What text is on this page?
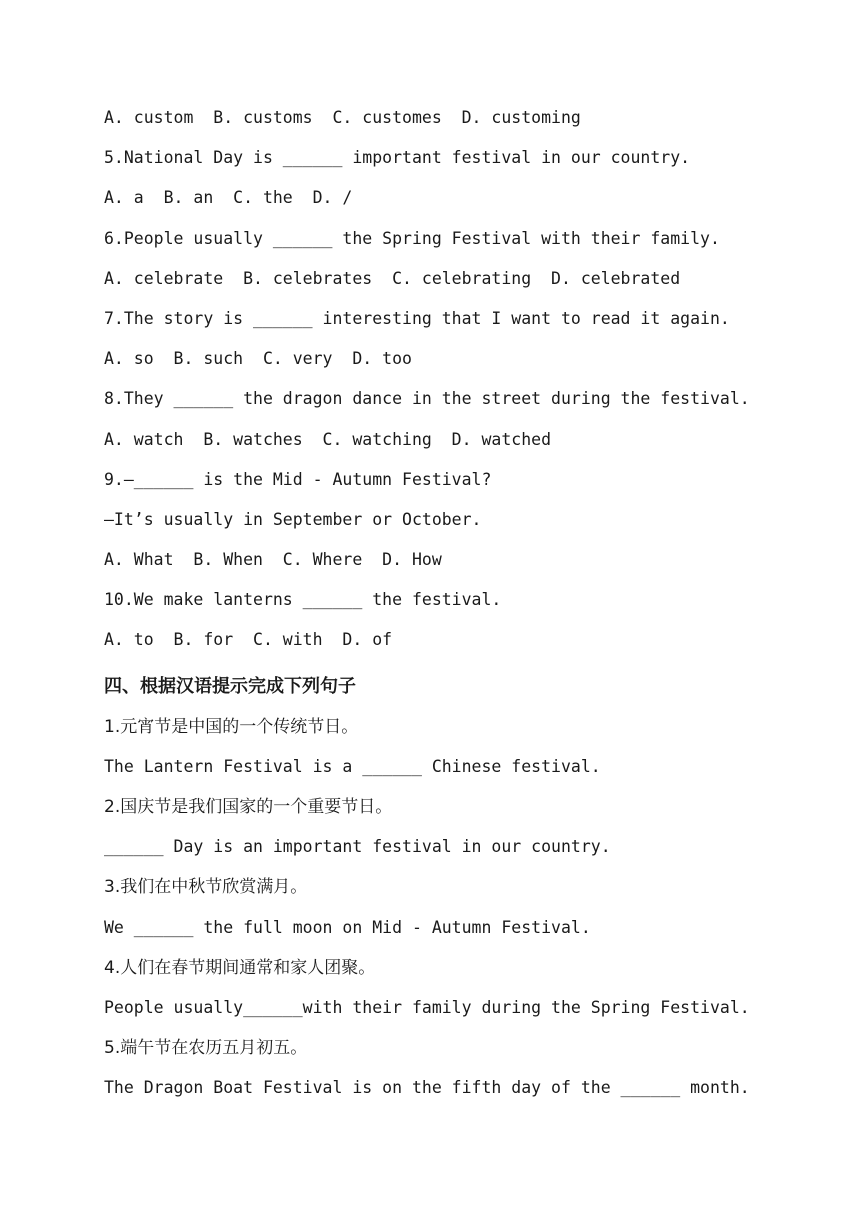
A. custom  B. customs  C. customes  D. customing
5.National Day is ______ important festival in our country.
A. a  B. an  C. the  D. /
6.People usually ______ the Spring Festival with their family.
A. celebrate  B. celebrates  C. celebrating  D. celebrated
7.The story is ______ interesting that I want to read it again.
A. so  B. such  C. very  D. too
8.They ______ the dragon dance in the street during the festival.
A. watch  B. watches  C. watching  D. watched
9.—______ is the Mid - Autumn Festival?
—It’s usually in September or October.
A. What  B. When  C. Where  D. How
10.We make lanterns ______ the festival.
A. to  B. for  C. with  D. of
四、根据汉语提示完成下列句子
1.元宵节是中国的一个传统节日。
The Lantern Festival is a ______ Chinese festival.
2.国庆节是我们国家的一个重要节日。
______ Day is an important festival in our country.
3.我们在中秋节欣赏满月。
We ______ the full moon on Mid - Autumn Festival.
4.人们在春节期间通常和家人团聚。
People usually______with their family during the Spring Festival.
5.端午节在农历五月初五。
The Dragon Boat Festival is on the fifth day of the ______ month.
